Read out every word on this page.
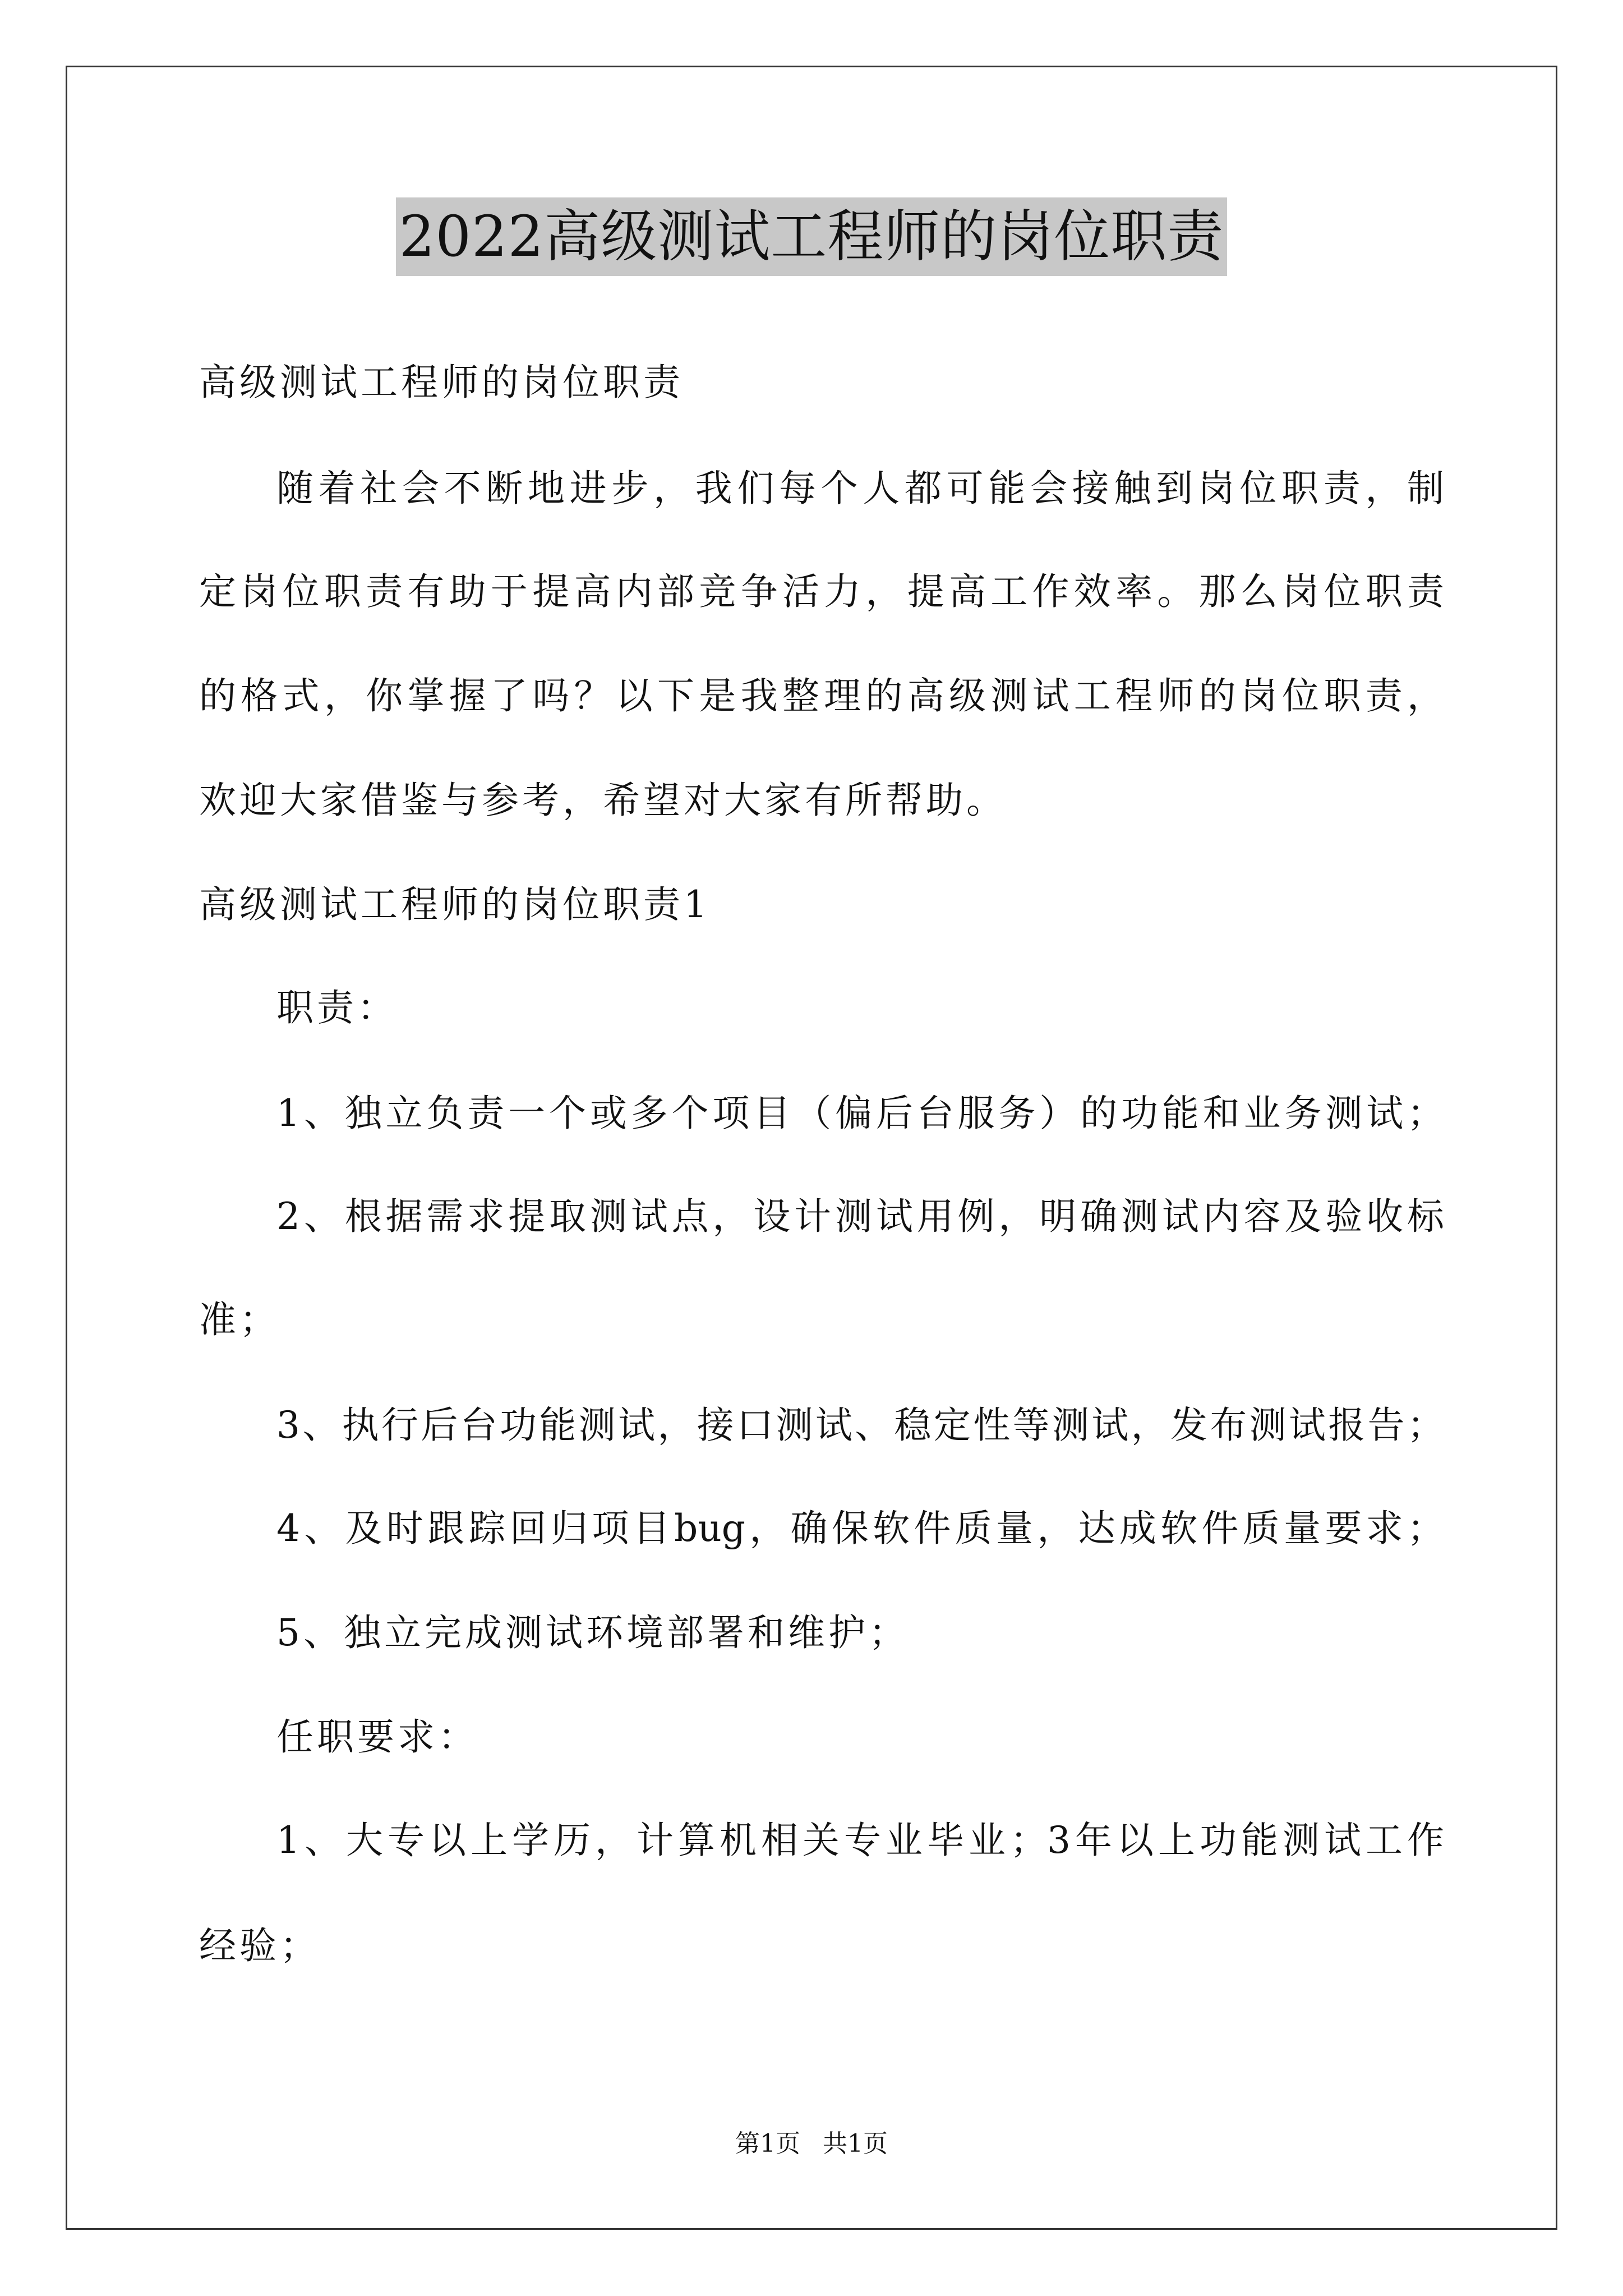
2022高级测试工程师的岗位职责
高级测试工程师的岗位职责
随着社会不断地进步，我们每个人都可能会接触到岗位职责，制
定岗位职责有助于提高内部竞争活力，提高工作效率。那么岗位职责
的格式，你掌握了吗？以下是我整理的高级测试工程师的岗位职责，
欢迎大家借鉴与参考，希望对大家有所帮助。
高级测试工程师的岗位职责1
职责：
1、独立负责一个或多个项目（偏后台服务）的功能和业务测试；
2、根据需求提取测试点，设计测试用例，明确测试内容及验收标
准；
3、执行后台功能测试，接口测试、稳定性等测试，发布测试报告；
4、及时跟踪回归项目bug，确保软件质量，达成软件质量要求；
5、独立完成测试环境部署和维护；
任职要求：
1、大专以上学历，计算机相关专业毕业；3年以上功能测试工作
经验；
第1页 共1页
